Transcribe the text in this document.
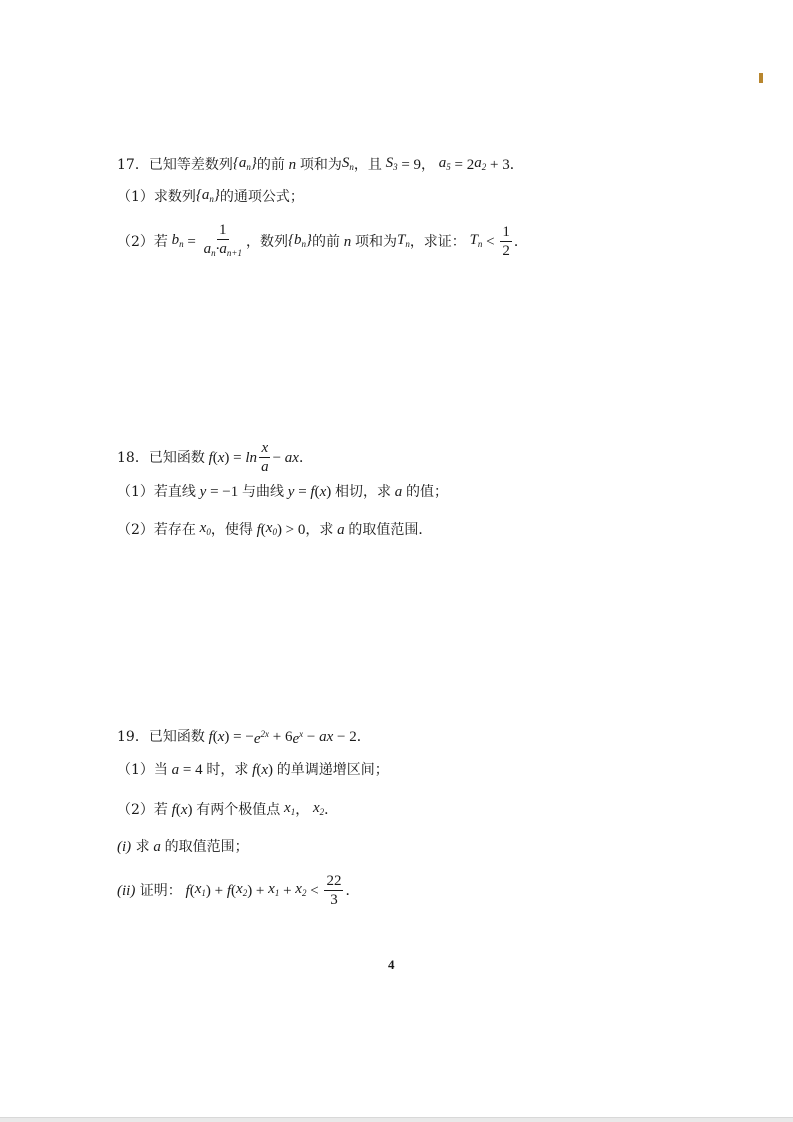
17．已知等差数列 $\{a_n\}$ 的前 n 项和为 $S_n$ ，且 $S_3 = 9$ ， $a_5 = 2$ $a_2 + 3$ ．
（1）求数列 $\{a_n\}$ 的通项公式；
（2）若 $b_n = \frac{1}{a_n\cdot a_{n+1}}$ ，数列 $\{b_n\}$ 的前 n 项和为 $T_n$ ，求证： $T_n < \frac{1}{2}$ ．
18．已知函数 f ( x ) = $\ln \frac{x}{a}$ − ax ．
（1）若直线 y = −1 与曲线 y = f ( x ) 相切，求 a 的值；
（2）若存在 $x_0$ ，使得 f ( $x_0$ ) > 0 ，求 a 的取值范围．
19．已知函数 f ( x ) = − $e^{2x} + 6$ $e^x$ − ax − 2 ．
（1）当 a = 4 时，求 f ( x ) 的单调递增区间；
（2）若 f ( x ) 有两个极值点 $x_1$ ， $x_2$ ．
(i) 求 a 的取值范围；
(ii) 证明： f ( $x_1$ ) + f ( $x_2$ ) + $x_1 + x_2 < \frac{22}{3}$ ．
4
